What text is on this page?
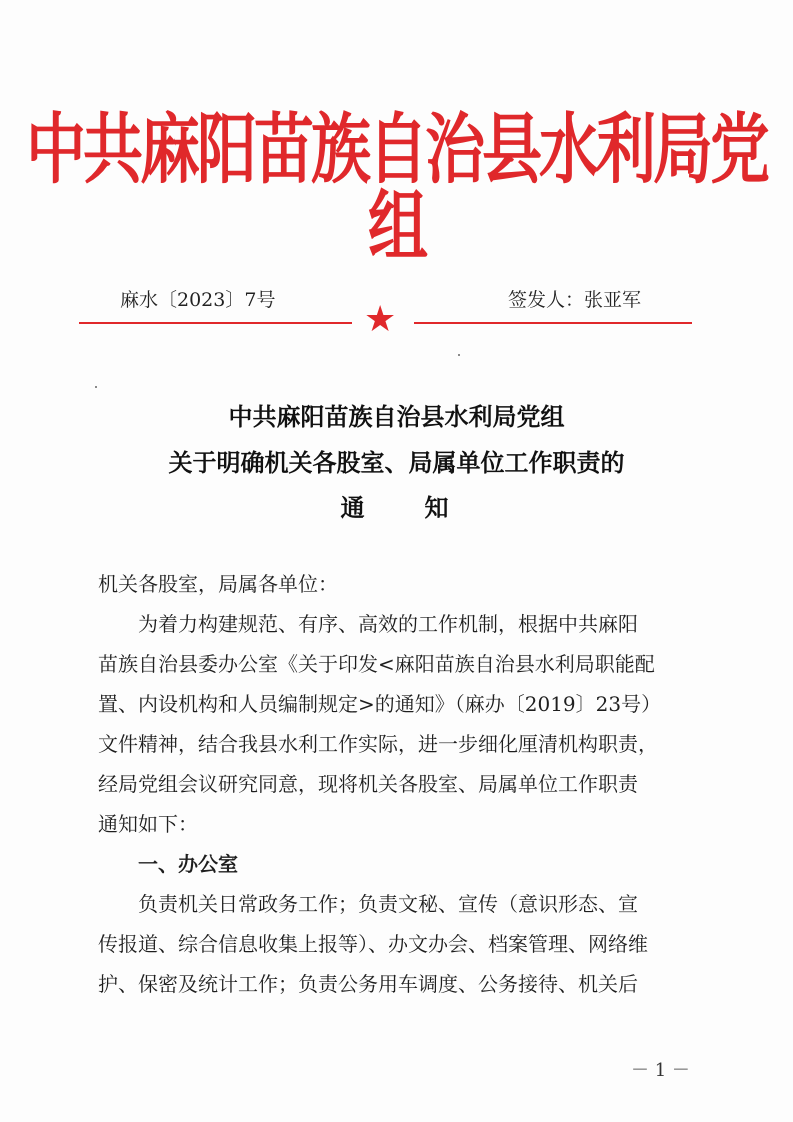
中共麻阳苗族自治县水利局党组
麻水〔2023〕7号	签发人：张亚军
★
中共麻阳苗族自治县水利局党组
关于明确机关各股室、局属单位工作职责的
通　　知
机关各股室，局属各单位：
　　为着力构建规范、有序、高效的工作机制，根据中共麻阳
苗族自治县委办公室《关于印发<麻阳苗族自治县水利局职能配
置、内设机构和人员编制规定>的通知》（麻办〔2019〕23号）
文件精神，结合我县水利工作实际，进一步细化厘清机构职责，
经局党组会议研究同意，现将机关各股室、局属单位工作职责
通知如下：
　　一、办公室
　　负责机关日常政务工作；负责文秘、宣传（意识形态、宣
传报道、综合信息收集上报等）、办文办会、档案管理、网络维
护、保密及统计工作；负责公务用车调度、公务接待、机关后
－ 1 －
